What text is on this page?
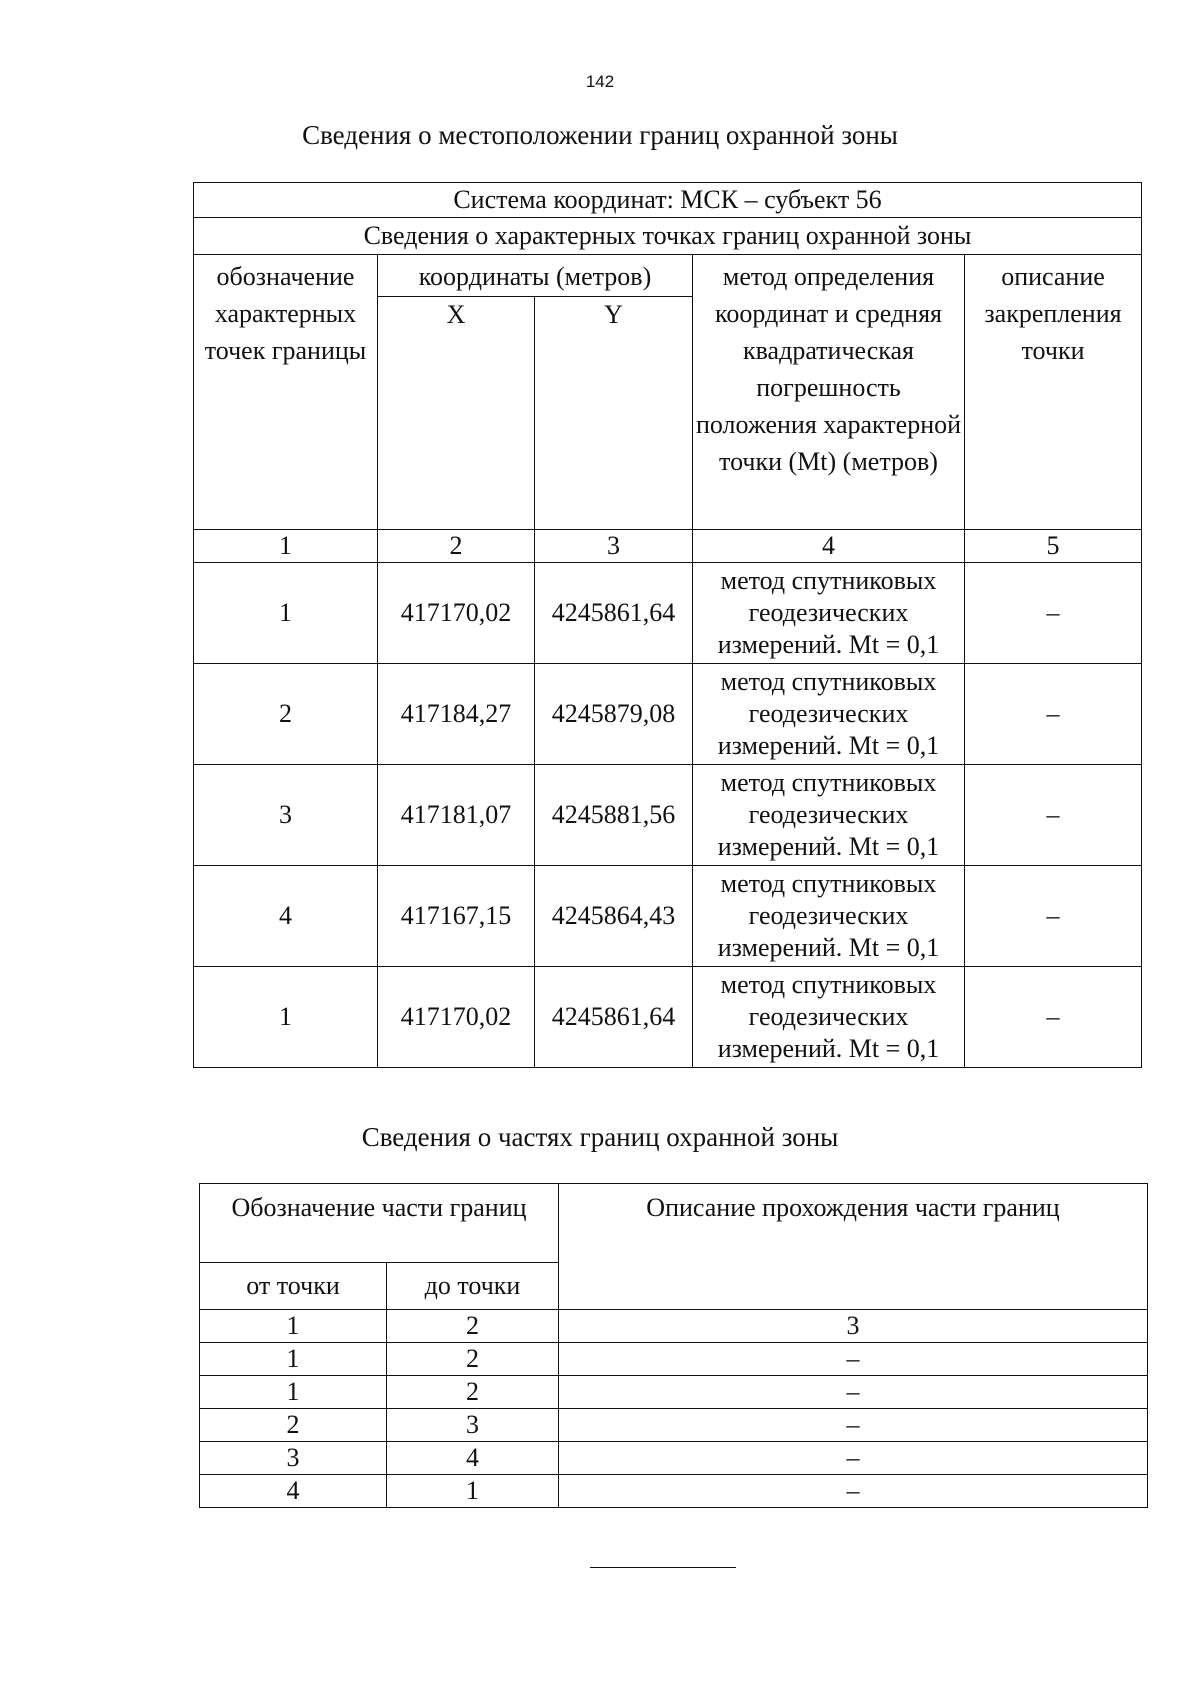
142
Сведения о местоположении границ охранной зоны
Система координат: МСК – субъект 56				
Сведения о характерных точках границ охранной зоны				
обозначение характерных точек границы	координаты (метров)		метод определения координат и средняя квадратическая погрешность положения характерной точки (Mt) (метров)	описание закрепления точки
	X	Y		
1	2	3	4	5
1	417170,02	4245861,64	метод спутниковых геодезических измерений. Mt = 0,1	–
2	417184,27	4245879,08	метод спутниковых геодезических измерений. Mt = 0,1	–
3	417181,07	4245881,56	метод спутниковых геодезических измерений. Mt = 0,1	–
4	417167,15	4245864,43	метод спутниковых геодезических измерений. Mt = 0,1	–
1	417170,02	4245861,64	метод спутниковых геодезических измерений. Mt = 0,1	–
Сведения о частях границ охранной зоны
Обозначение части границ		Описание прохождения части границ
от точки	до точки	
1	2	3
1	2	–
1	2	–
2	3	–
3	4	–
4	1	–
